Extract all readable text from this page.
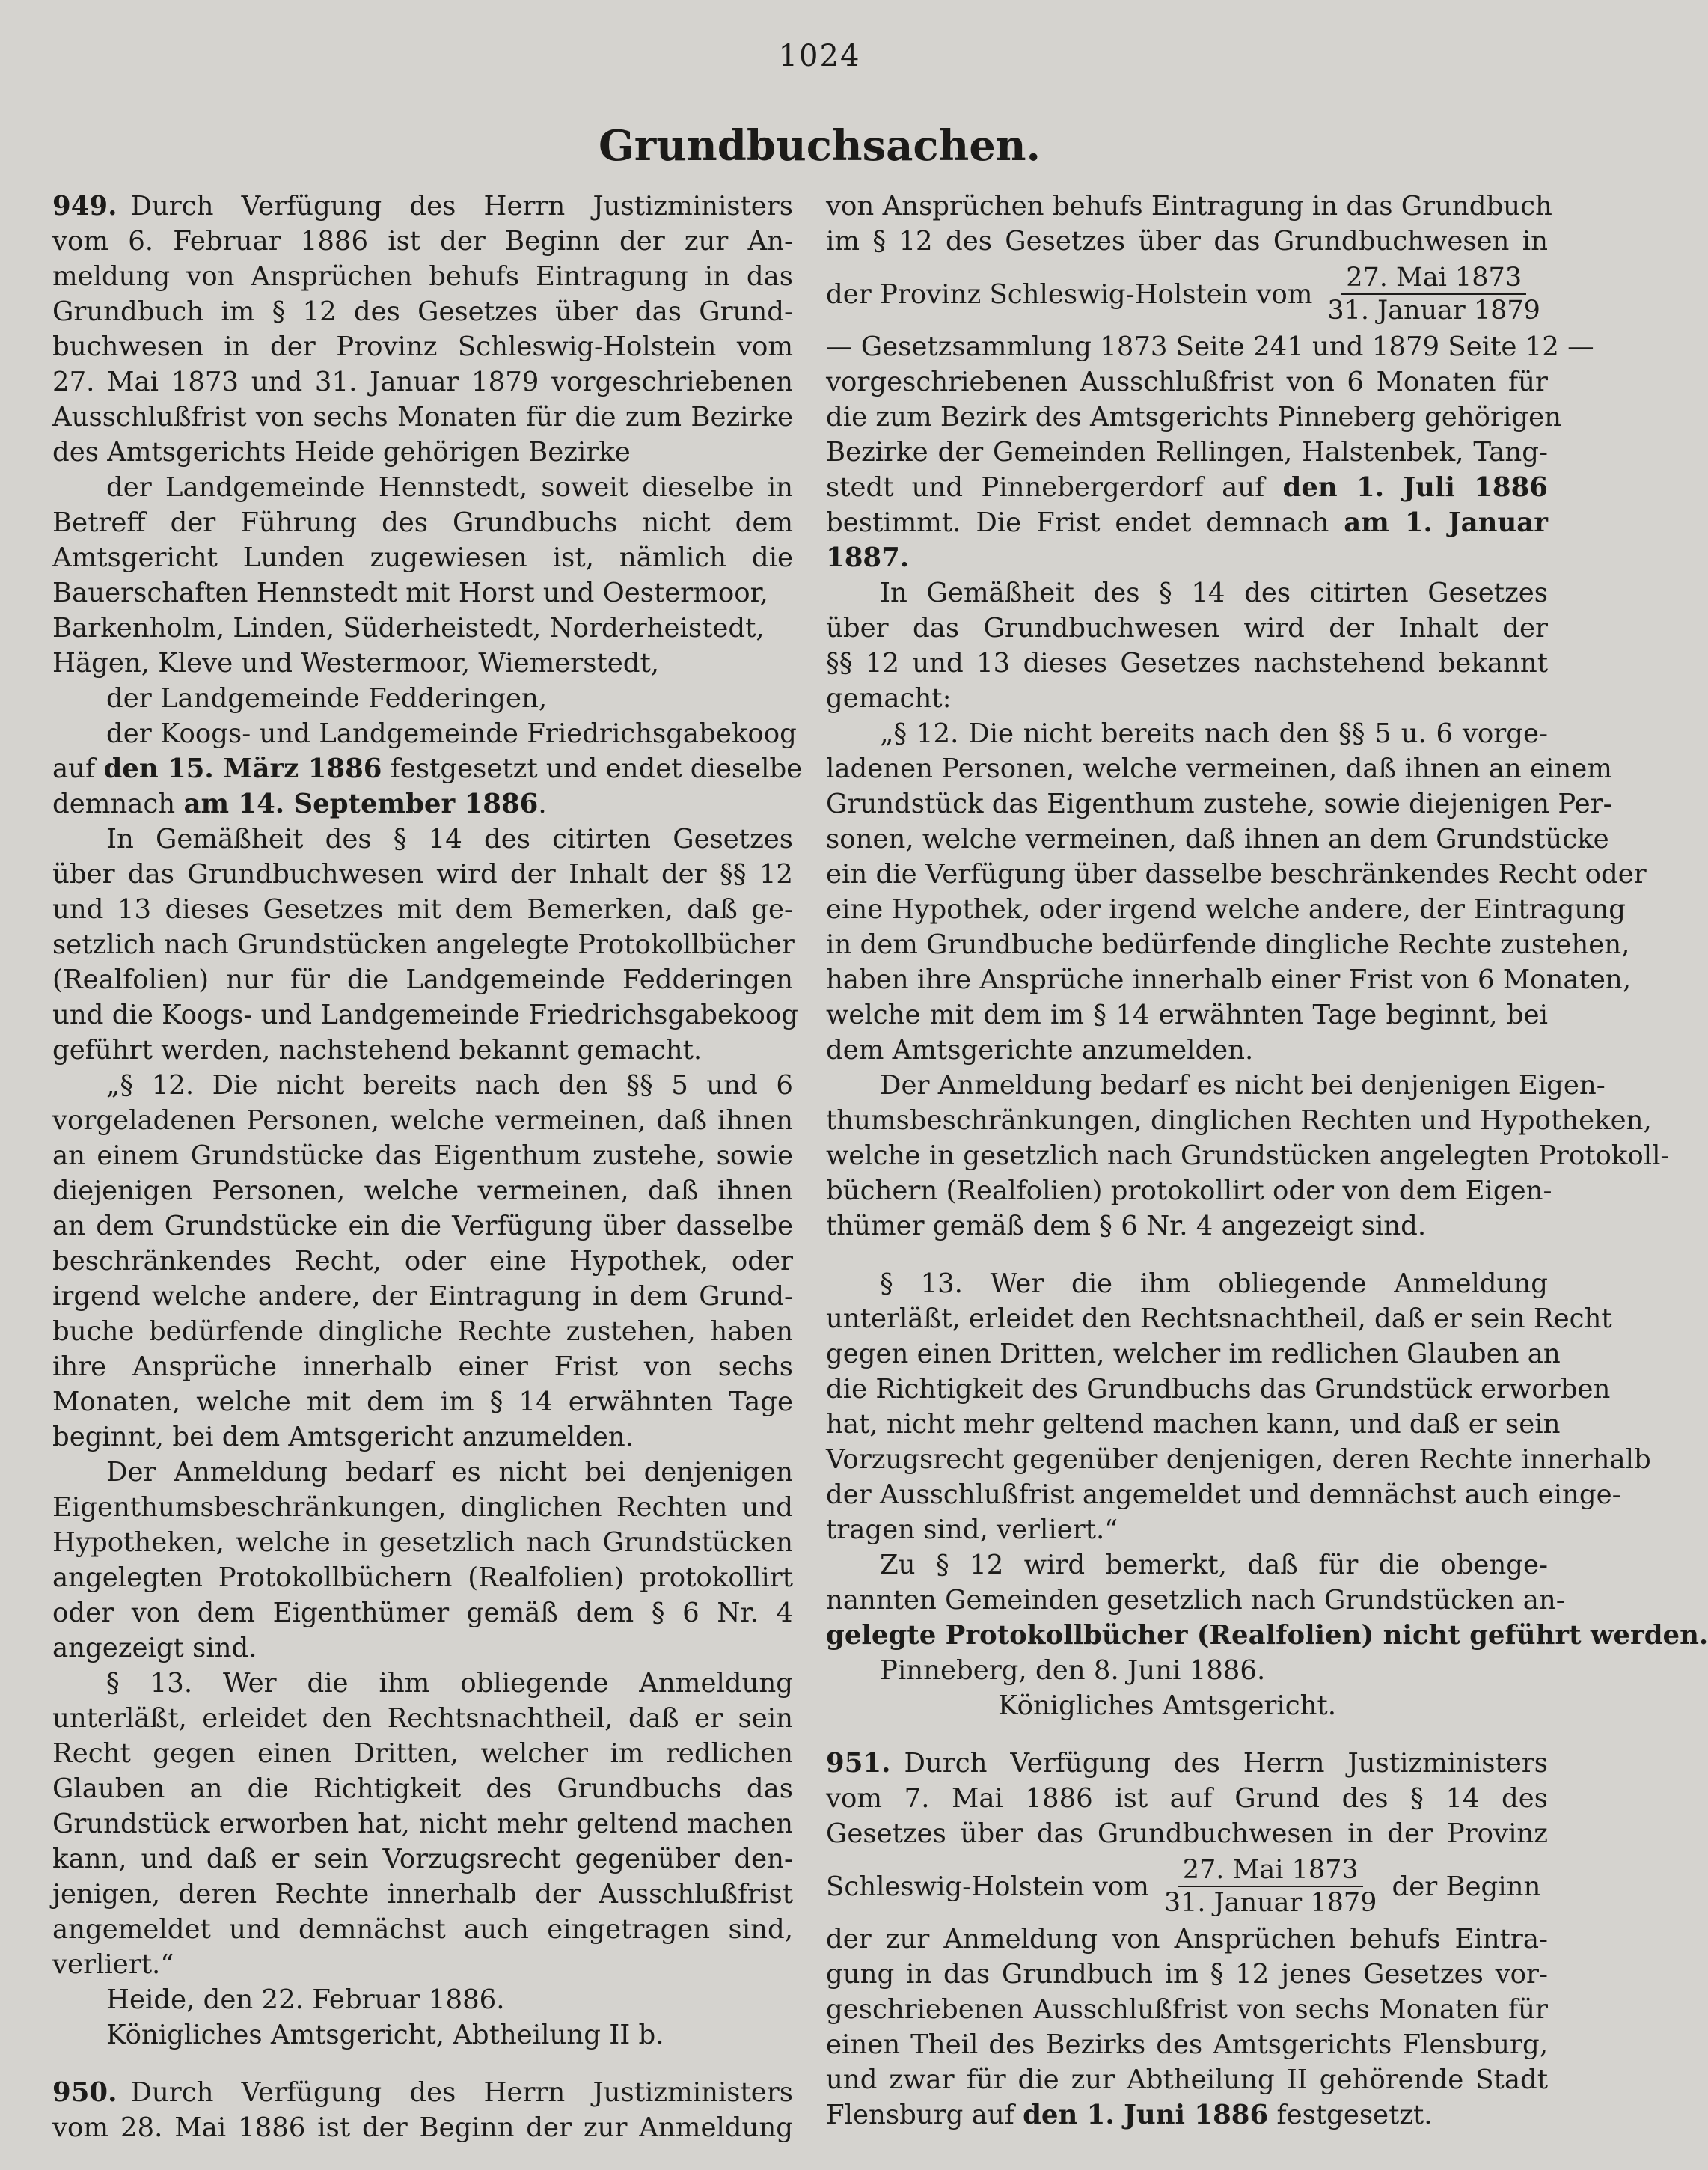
1024
Grundbuchsachen.
949. Durch Verfügung des Herrn Justizministers
vom 6. Februar 1886 ist der Beginn der zur An-
meldung von Ansprüchen behufs Eintragung in das
Grundbuch im § 12 des Gesetzes über das Grund-
buchwesen in der Provinz Schleswig-Holstein vom
27. Mai 1873 und 31. Januar 1879 vorgeschriebenen
Ausschlußfrist von sechs Monaten für die zum Bezirke
des Amtsgerichts Heide gehörigen Bezirke
der Landgemeinde Hennstedt, soweit dieselbe in
Betreff der Führung des Grundbuchs nicht dem
Amtsgericht Lunden zugewiesen ist, nämlich die
Bauerschaften Hennstedt mit Horst und Oestermoor,
Barkenholm, Linden, Süderheistedt, Norderheistedt,
Hägen, Kleve und Westermoor, Wiemerstedt,
der Landgemeinde Fedderingen,
der Koogs- und Landgemeinde Friedrichsgabekoog
auf den 15. März 1886 festgesetzt und endet dieselbe
demnach am 14. September 1886.
In Gemäßheit des § 14 des citirten Gesetzes
über das Grundbuchwesen wird der Inhalt der §§ 12
und 13 dieses Gesetzes mit dem Bemerken, daß ge-
setzlich nach Grundstücken angelegte Protokollbücher
(Realfolien) nur für die Landgemeinde Fedderingen
und die Koogs- und Landgemeinde Friedrichsgabekoog
geführt werden, nachstehend bekannt gemacht.
„§ 12. Die nicht bereits nach den §§ 5 und 6
vorgeladenen Personen, welche vermeinen, daß ihnen
an einem Grundstücke das Eigenthum zustehe, sowie
diejenigen Personen, welche vermeinen, daß ihnen
an dem Grundstücke ein die Verfügung über dasselbe
beschränkendes Recht, oder eine Hypothek, oder
irgend welche andere, der Eintragung in dem Grund-
buche bedürfende dingliche Rechte zustehen, haben
ihre Ansprüche innerhalb einer Frist von sechs
Monaten, welche mit dem im § 14 erwähnten Tage
beginnt, bei dem Amtsgericht anzumelden.
Der Anmeldung bedarf es nicht bei denjenigen
Eigenthumsbeschränkungen, dinglichen Rechten und
Hypotheken, welche in gesetzlich nach Grundstücken
angelegten Protokollbüchern (Realfolien) protokollirt
oder von dem Eigenthümer gemäß dem § 6 Nr. 4
angezeigt sind.
§ 13. Wer die ihm obliegende Anmeldung
unterläßt, erleidet den Rechtsnachtheil, daß er sein
Recht gegen einen Dritten, welcher im redlichen
Glauben an die Richtigkeit des Grundbuchs das
Grundstück erworben hat, nicht mehr geltend machen
kann, und daß er sein Vorzugsrecht gegenüber den-
jenigen, deren Rechte innerhalb der Ausschlußfrist
angemeldet und demnächst auch eingetragen sind,
verliert.“
Heide, den 22. Februar 1886.
Königliches Amtsgericht, Abtheilung II b.
950. Durch Verfügung des Herrn Justizministers
vom 28. Mai 1886 ist der Beginn der zur Anmeldung
von Ansprüchen behufs Eintragung in das Grundbuch
im § 12 des Gesetzes über das Grundbuchwesen in
der Provinz Schleswig-Holstein vom $\frac{\text{27. Mai 1873}}{\text{31. Januar 1879}}$
— Gesetzsammlung 1873 Seite 241 und 1879 Seite 12 —
vorgeschriebenen Ausschlußfrist von 6 Monaten für
die zum Bezirk des Amtsgerichts Pinneberg gehörigen
Bezirke der Gemeinden Rellingen, Halstenbek, Tang-
stedt und Pinnebergerdorf auf den 1. Juli 1886
bestimmt. Die Frist endet demnach am 1. Januar
1887.
In Gemäßheit des § 14 des citirten Gesetzes
über das Grundbuchwesen wird der Inhalt der
§§ 12 und 13 dieses Gesetzes nachstehend bekannt
gemacht:
„§ 12. Die nicht bereits nach den §§ 5 u. 6 vorge-
ladenen Personen, welche vermeinen, daß ihnen an einem
Grundstück das Eigenthum zustehe, sowie diejenigen Per-
sonen, welche vermeinen, daß ihnen an dem Grundstücke
ein die Verfügung über dasselbe beschränkendes Recht oder
eine Hypothek, oder irgend welche andere, der Eintragung
in dem Grundbuche bedürfende dingliche Rechte zustehen,
haben ihre Ansprüche innerhalb einer Frist von 6 Monaten,
welche mit dem im § 14 erwähnten Tage beginnt, bei
dem Amtsgerichte anzumelden.
Der Anmeldung bedarf es nicht bei denjenigen Eigen-
thumsbeschränkungen, dinglichen Rechten und Hypotheken,
welche in gesetzlich nach Grundstücken angelegten Protokoll-
büchern (Realfolien) protokollirt oder von dem Eigen-
thümer gemäß dem § 6 Nr. 4 angezeigt sind.
§ 13. Wer die ihm obliegende Anmeldung
unterläßt, erleidet den Rechtsnachtheil, daß er sein Recht
gegen einen Dritten, welcher im redlichen Glauben an
die Richtigkeit des Grundbuchs das Grundstück erworben
hat, nicht mehr geltend machen kann, und daß er sein
Vorzugsrecht gegenüber denjenigen, deren Rechte innerhalb
der Ausschlußfrist angemeldet und demnächst auch einge-
tragen sind, verliert.“
Zu § 12 wird bemerkt, daß für die obenge-
nannten Gemeinden gesetzlich nach Grundstücken an-
gelegte Protokollbücher (Realfolien) nicht geführt werden.
Pinneberg, den 8. Juni 1886.
Königliches Amtsgericht.
951. Durch Verfügung des Herrn Justizministers
vom 7. Mai 1886 ist auf Grund des § 14 des
Gesetzes über das Grundbuchwesen in der Provinz
Schleswig-Holstein vom $\frac{\text{27. Mai 1873}}{\text{31. Januar 1879}}$ der Beginn
der zur Anmeldung von Ansprüchen behufs Eintra-
gung in das Grundbuch im § 12 jenes Gesetzes vor-
geschriebenen Ausschlußfrist von sechs Monaten für
einen Theil des Bezirks des Amtsgerichts Flensburg,
und zwar für die zur Abtheilung II gehörende Stadt
Flensburg auf den 1. Juni 1886 festgesetzt.
